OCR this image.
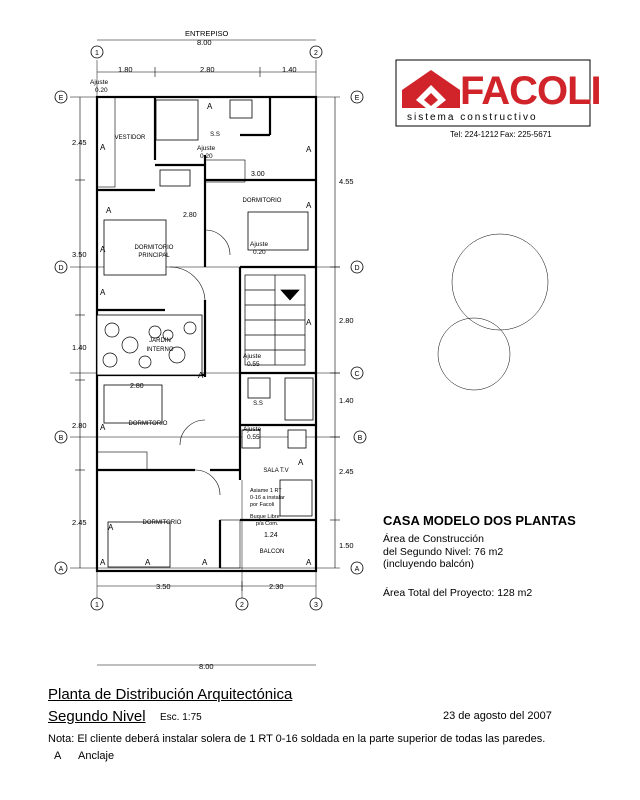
E	E
D	D
C
B	B
A	A
1	2
1	2	3
ENTREPISO
8.00
1.80	2.80	1.40
2.45
3.50
1.40
2.80
2.45
4.55
2.80
1.40
2.45
1.50
3.50	2.30
8.00
VESTIDOR	S.S
DORMITORIO
DORMITORIO
PRINCIPAL
JARDIN
INTERNO
DORMITORIO
S.S
DORMITORIO
SALA T.V
BALCON
2.80
2.80
3.00
1.24
Ajuste
0.20
Ajuste
0.20
Ajuste
0.20
Ajuste
0.55
Ajuste
0.55
Asiame 1 RT
0-16 a instalar
por Facoli
Buque Libre
p/a Com.
A
A
A
A
A
A
A
A
A
A
A
A
A	A	A	A
FACOLI
sistema constructivo
Tel: 224-1212 Fax: 225-5671
CASA MODELO DOS PLANTAS
Área de Construcción
del Segundo Nivel: 76 m2
(incluyendo balcón)
Área Total del Proyecto: 128 m2
Planta de Distribución Arquitectónica
Segundo Nivel Esc. 1:75	23 de agosto del 2007
Nota: El cliente deberá instalar solera de 1 RT 0-16 soldada en la parte superior de todas las paredes.
A Anclaje
